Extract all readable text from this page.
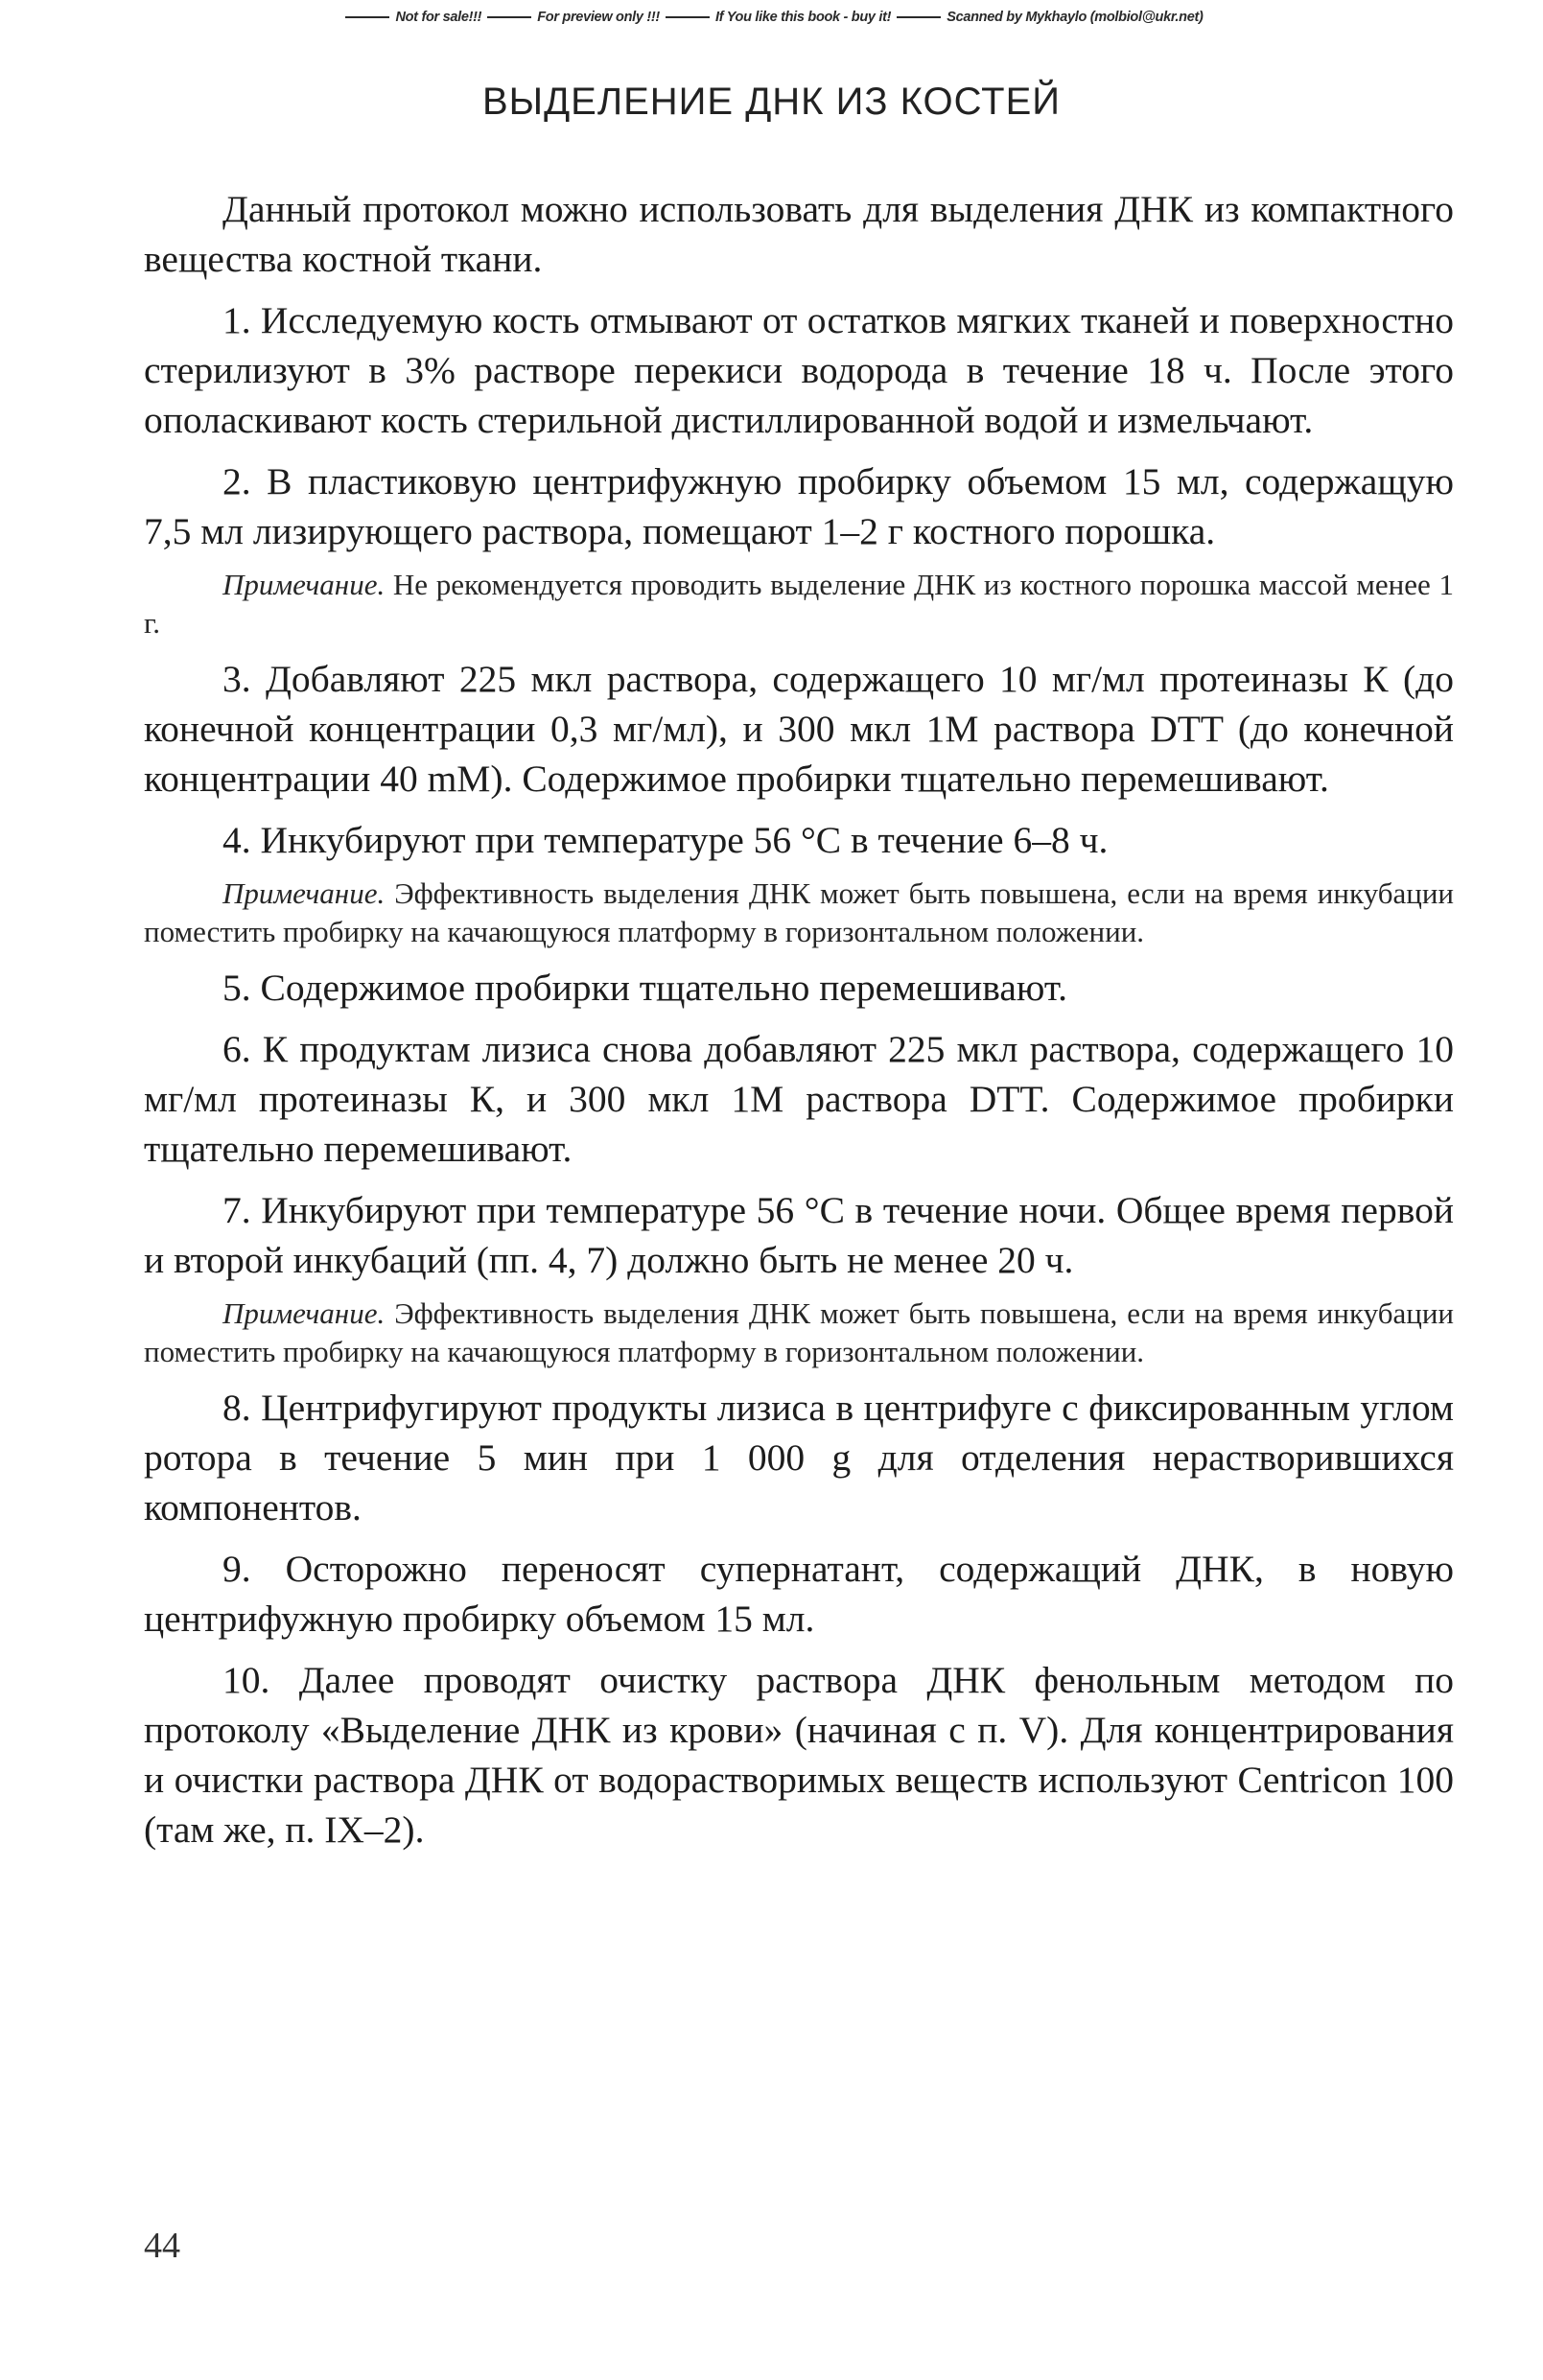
Not for sale!!!	For preview only !!!	If You like this book - buy it!	Scanned by Mykhaylo (molbiol@ukr.net)
ВЫДЕЛЕНИЕ ДНК ИЗ КОСТЕЙ

Данный протокол можно использовать для выделения ДНК из компактного вещества костной ткани.

1. Исследуемую кость отмывают от остатков мягких тканей и поверхностно стерилизуют в 3% растворе перекиси водорода в течение 18 ч. После этого ополаскивают кость стерильной дистиллированной водой и измельчают.

2. В пластиковую центрифужную пробирку объемом 15 мл, содержащую 7,5 мл лизирующего раствора, помещают 1–2 г костного порошка.

Примечание. Не рекомендуется проводить выделение ДНК из костного порошка массой менее 1 г.

3. Добавляют 225 мкл раствора, содержащего 10 мг/мл протеиназы К (до конечной концентрации 0,3 мг/мл), и 300 мкл 1М раствора DTT (до конечной концентрации 40 mM). Содержимое пробирки тщательно перемешивают.

4. Инкубируют при температуре 56 °С в течение 6–8 ч.

Примечание. Эффективность выделения ДНК может быть повышена, если на время инкубации поместить пробирку на качающуюся платформу в горизонтальном положении.

5. Содержимое пробирки тщательно перемешивают.

6. К продуктам лизиса снова добавляют 225 мкл раствора, содержащего 10 мг/мл протеиназы К, и 300 мкл 1М раствора DTT. Содержимое пробирки тщательно перемешивают.

7. Инкубируют при температуре 56 °С в течение ночи. Общее время первой и второй инкубаций (пп. 4, 7) должно быть не менее 20 ч.

Примечание. Эффективность выделения ДНК может быть повышена, если на время инкубации поместить пробирку на качающуюся платформу в горизонтальном положении.

8. Центрифугируют продукты лизиса в центрифуге с фиксированным углом ротора в течение 5 мин при 1 000 g для отделения нерастворившихся компонентов.

9. Осторожно переносят супернатант, содержащий ДНК, в новую центрифужную пробирку объемом 15 мл.

10. Далее проводят очистку раствора ДНК фенольным методом по протоколу «Выделение ДНК из крови» (начиная с п. V). Для концентрирования и очистки раствора ДНК от водорастворимых веществ используют Centricon 100 (там же, п. IX–2).

44
